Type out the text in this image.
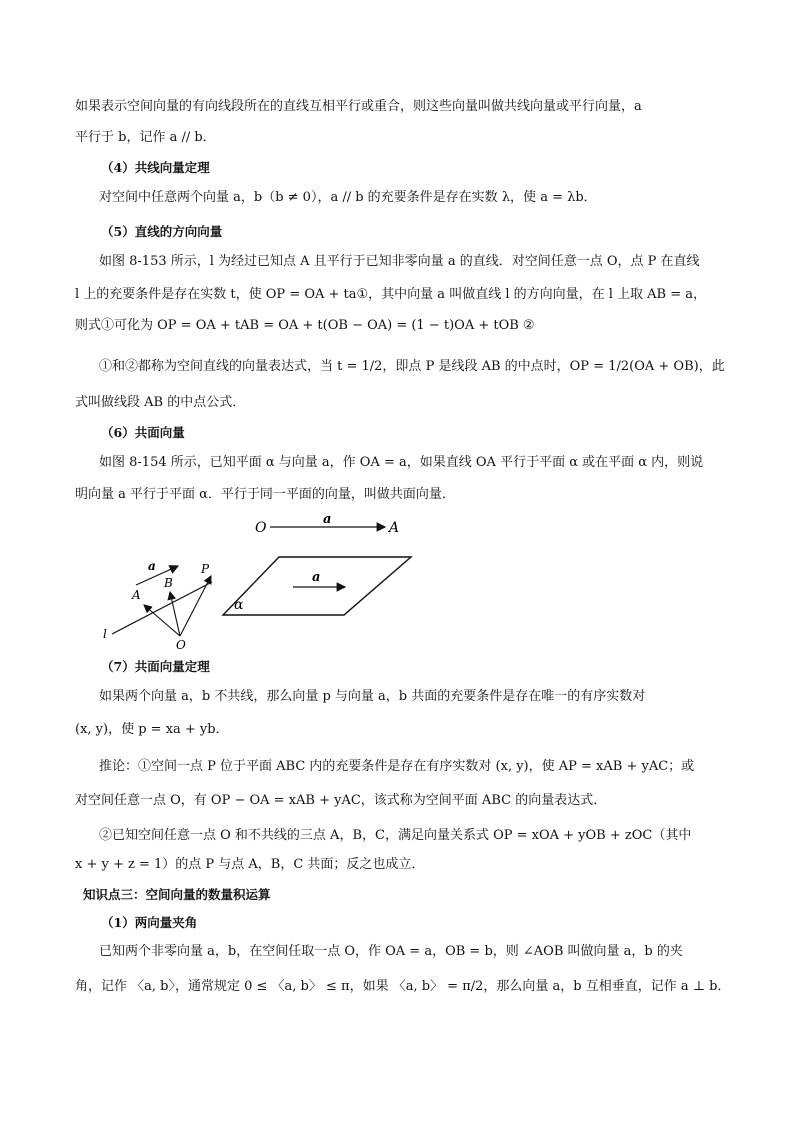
如果表示空间向量的有向线段所在的直线互相平行或重合，则这些向量叫做共线向量或平行向量，a
平行于 b，记作 a // b．
（4）共线向量定理
对空间中任意两个向量 a，b（b ≠ 0），a // b 的充要条件是存在实数 λ，使 a = λb．
（5）直线的方向向量
如图 8-153 所示，l 为经过已知点 A 且平行于已知非零向量 a 的直线．对空间任意一点 O，点 P 在直线
l 上的充要条件是存在实数 t，使 OP = OA + ta①，其中向量 a 叫做直线 l 的方向向量，在 l 上取 AB = a，
则式①可化为 OP = OA + tAB = OA + t(OB − OA) = (1 − t)OA + tOB ②
①和②都称为空间直线的向量表达式，当 t = 1/2，即点 P 是线段 AB 的中点时，OP = 1/2(OA + OB)，此
式叫做线段 AB 的中点公式．
（6）共面向量
如图 8-154 所示，已知平面 α 与向量 a，作 OA = a，如果直线 OA 平行于平面 α 或在平面 α 内，则说
明向量 a 平行于平面 α．平行于同一平面的向量，叫做共面向量．
O
a
A
a
A
B
P
l
O
a
α
（7）共面向量定理
如果两个向量 a，b 不共线，那么向量 p 与向量 a，b 共面的充要条件是存在唯一的有序实数对
(x, y)，使 p = xa + yb．
推论：①空间一点 P 位于平面 ABC 内的充要条件是存在有序实数对 (x, y)，使 AP = xAB + yAC；或
对空间任意一点 O，有 OP − OA = xAB + yAC，该式称为空间平面 ABC 的向量表达式．
②已知空间任意一点 O 和不共线的三点 A，B，C，满足向量关系式 OP = xOA + yOB + zOC（其中
x + y + z = 1）的点 P 与点 A，B，C 共面；反之也成立．
知识点三：空间向量的数量积运算
（1）两向量夹角
已知两个非零向量 a，b，在空间任取一点 O，作 OA = a，OB = b，则 ∠AOB 叫做向量 a，b 的夹
角，记作 〈a, b〉，通常规定 0 ≤ 〈a, b〉 ≤ π，如果 〈a, b〉 = π/2，那么向量 a，b 互相垂直，记作 a ⊥ b．
